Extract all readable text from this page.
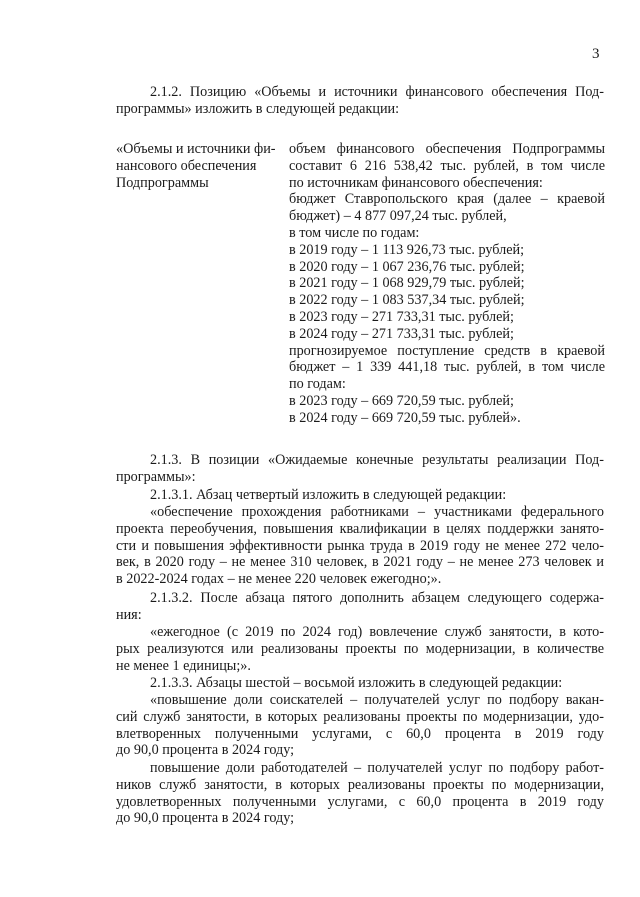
3
2.1.2. Позицию «Объемы и источники финансового обеспечения Под-
программы» изложить в следующей редакции:
«Объемы и источники фи-
нансового обеспечения
Подпрограммы
объем финансового обеспечения Подпрограммы
составит 6 216 538,42 тыс. рублей, в том числе
по источникам финансового обеспечения:
бюджет Ставропольского края (далее – краевой
бюджет) – 4 877 097,24 тыс. рублей,
в том числе по годам:
в 2019 году – 1 113 926,73 тыс. рублей;
в 2020 году – 1 067 236,76 тыс. рублей;
в 2021 году – 1 068 929,79 тыс. рублей;
в 2022 году – 1 083 537,34 тыс. рублей;
в 2023 году – 271 733,31 тыс. рублей;
в 2024 году – 271 733,31 тыс. рублей;
прогнозируемое поступление средств в краевой
бюджет – 1 339 441,18 тыс. рублей, в том числе
по годам:
в 2023 году – 669 720,59 тыс. рублей;
в 2024 году – 669 720,59 тыс. рублей».
2.1.3. В позиции «Ожидаемые конечные результаты реализации Под-
программы»:
2.1.3.1. Абзац четвертый изложить в следующей редакции:
«обеспечение прохождения работниками – участниками федерального
проекта переобучения, повышения квалификации в целях поддержки занято-
сти и повышения эффективности рынка труда в 2019 году не менее 272 чело-
век, в 2020 году – не менее 310 человек, в 2021 году – не менее 273 человек и
в 2022-2024 годах – не менее 220 человек ежегодно;».
2.1.3.2. После абзаца пятого дополнить абзацем следующего содержа-
ния:
«ежегодное (с 2019 по 2024 год) вовлечение служб занятости, в кото-
рых реализуются или реализованы проекты по модернизации, в количестве
не менее 1 единицы;».
2.1.3.3. Абзацы шестой – восьмой изложить в следующей редакции:
«повышение доли соискателей – получателей услуг по подбору вакан-
сий служб занятости, в которых реализованы проекты по модернизации, удо-
влетворенных полученными услугами, с 60,0 процента в 2019 году
до 90,0 процента в 2024 году;
повышение доли работодателей – получателей услуг по подбору работ-
ников служб занятости, в которых реализованы проекты по модернизации,
удовлетворенных полученными услугами, с 60,0 процента в 2019 году
до 90,0 процента в 2024 году;
